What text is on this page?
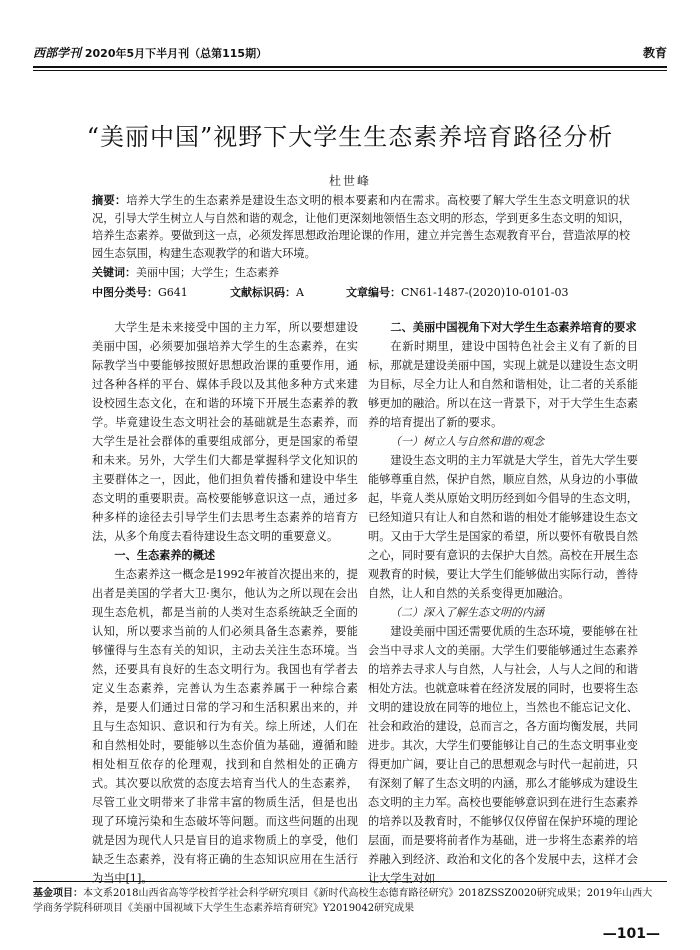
西部学刊 2020年5月下半月刊（总第115期）	教育
“美丽中国”视野下大学生生态素养培育路径分析
杜世峰
摘要：培养大学生的生态素养是建设生态文明的根本要素和内在需求。高校要了解大学生生态文明意识的状况，引导大学生树立人与自然和谐的观念，让他们更深刻地领悟生态文明的形态，学到更多生态文明的知识，培养生态素养。要做到这一点，必须发挥思想政治理论课的作用，建立并完善生态观教育平台，营造浓厚的校园生态氛围，构建生态观教学的和谐大环境。
关键词：美丽中国；大学生；生态素养
中图分类号：G641	文献标识码：A	文章编号：CN61-1487-(2020)10-0101-03

大学生是未来接受中国的主力军，所以要想建设美丽中国，必须要加强培养大学生的生态素养，在实际教学当中要能够按照好思想政治课的重要作用，通过各种各样的平台、媒体手段以及其他多种方式来建设校园生态文化，在和谐的环境下开展生态素养的教学。毕竟建设生态文明社会的基础就是生态素养，而大学生是社会群体的重要组成部分，更是国家的希望和未来。另外，大学生们大都是掌握科学文化知识的主要群体之一，因此，他们担负着传播和建设中华生态文明的重要职责。高校要能够意识这一点，通过多种多样的途径去引导学生们去思考生态素养的培育方法，从多个角度去看待建设生态文明的重要意义。

一、生态素养的概述

生态素养这一概念是1992年被首次提出来的，提出者是美国的学者大卫·奥尔，他认为之所以现在会出现生态危机，都是当前的人类对生态系统缺乏全面的认知，所以要求当前的人们必须具备生态素养，要能够懂得与生态有关的知识，主动去关注生态环境。当然，还要具有良好的生态文明行为。我国也有学者去定义生态素养，完善认为生态素养属于一种综合素养，是要人们通过日常的学习和生活积累出来的，并且与生态知识、意识和行为有关。综上所述，人们在和自然相处时，要能够以生态价值为基础，遵循和睦相处相互依存的伦理观，找到和自然相处的正确方式。其次要以欣赏的态度去培育当代人的生态素养，尽管工业文明带来了非常丰富的物质生活，但是也出现了环境污染和生态破坏等问题。而这些问题的出现就是因为现代人只是盲目的追求物质上的享受，他们缺乏生态素养，没有将正确的生态知识应用在生活行为当中[1]。

二、美丽中国视角下对大学生生态素养培育的要求

在新时期里，建设中国特色社会主义有了新的目标，那就是建设美丽中国，实现上就是以建设生态文明为目标，尽全力让人和自然和谐相处，让二者的关系能够更加的融洽。所以在这一背景下，对于大学生生态素养的培育提出了新的要求。

（一）树立人与自然和谐的观念

建设生态文明的主力军就是大学生，首先大学生要能够尊重自然，保护自然，顺应自然，从身边的小事做起，毕竟人类从原始文明历经到如今倡导的生态文明，已经知道只有让人和自然和谐的相处才能够建设生态文明。又由于大学生是国家的希望，所以要怀有敬畏自然之心，同时要有意识的去保护大自然。高校在开展生态观教育的时候，要让大学生们能够做出实际行动，善待自然，让人和自然的关系变得更加融洽。

（二）深入了解生态文明的内涵

建设美丽中国还需要优质的生态环境，要能够在社会当中寻求人文的美丽。大学生们要能够通过生态素养的培养去寻求人与自然，人与社会，人与人之间的和谐相处方法。也就意味着在经济发展的同时，也要将生态文明的建设放在同等的地位上，当然也不能忘记文化、社会和政治的建设，总而言之，各方面均衡发展，共同进步。其次，大学生们要能够让自己的生态文明事业变得更加广阔，要让自己的思想观念与时代一起前进，只有深刻了解了生态文明的内涵，那么才能够成为建设生态文明的主力军。高校也要能够意识到在进行生态素养的培养以及教育时，不能够仅仅停留在保护环境的理论层面，而是要将前者作为基础，进一步将生态素养的培养融入到经济、政治和文化的各个发展中去，这样才会让大学生对如

基金项目：本文系2018山西省高等学校哲学社会科学研究项目《新时代高校生态德育路径研究》2018ZSSZ0020研究成果；2019年山西大学商务学院科研项目《美丽中国视域下大学生生态素养培育研究》Y2019042研究成果
—101—
